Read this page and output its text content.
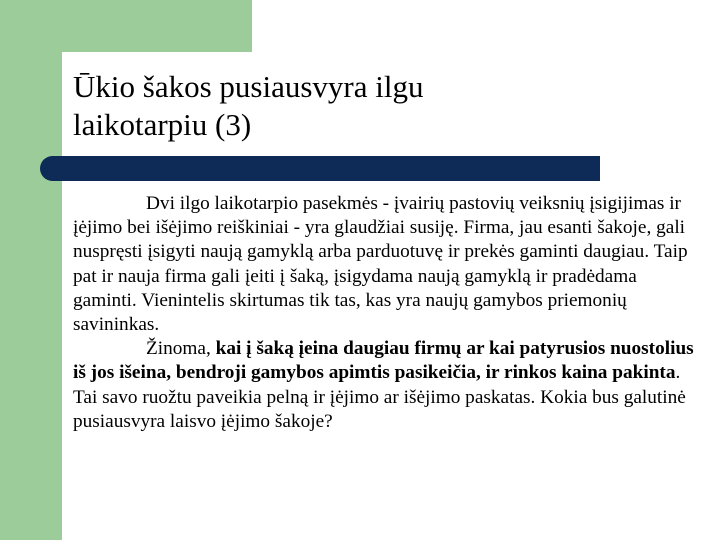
Ūkio šakos pusiausvyra ilgu
laikotarpiu (3)

Dvi ilgo laikotarpio pasekmės - įvairių pastovių veiksnių įsigijimas ir įėjimo bei išėjimo reiškiniai - yra glaudžiai susiję. Firma, jau esanti šakoje, gali nuspręsti įsigyti naują gamyklą arba parduotuvę ir prekės gaminti daugiau. Taip pat ir nauja firma gali įeiti į šaką, įsigydama naują gamyklą ir pradėdama gaminti. Vienintelis skirtumas tik tas, kas yra naujų gamybos priemonių savininkas.

Žinoma, kai į šaką įeina daugiau firmų ar kai patyrusios nuostolius iš jos išeina, bendroji gamybos apimtis pasikeičia, ir rinkos kaina pakinta. Tai savo ruožtu paveikia pelną ir įėjimo ar išėjimo paskatas. Kokia bus galutinė pusiausvyra laisvo įėjimo šakoje?
